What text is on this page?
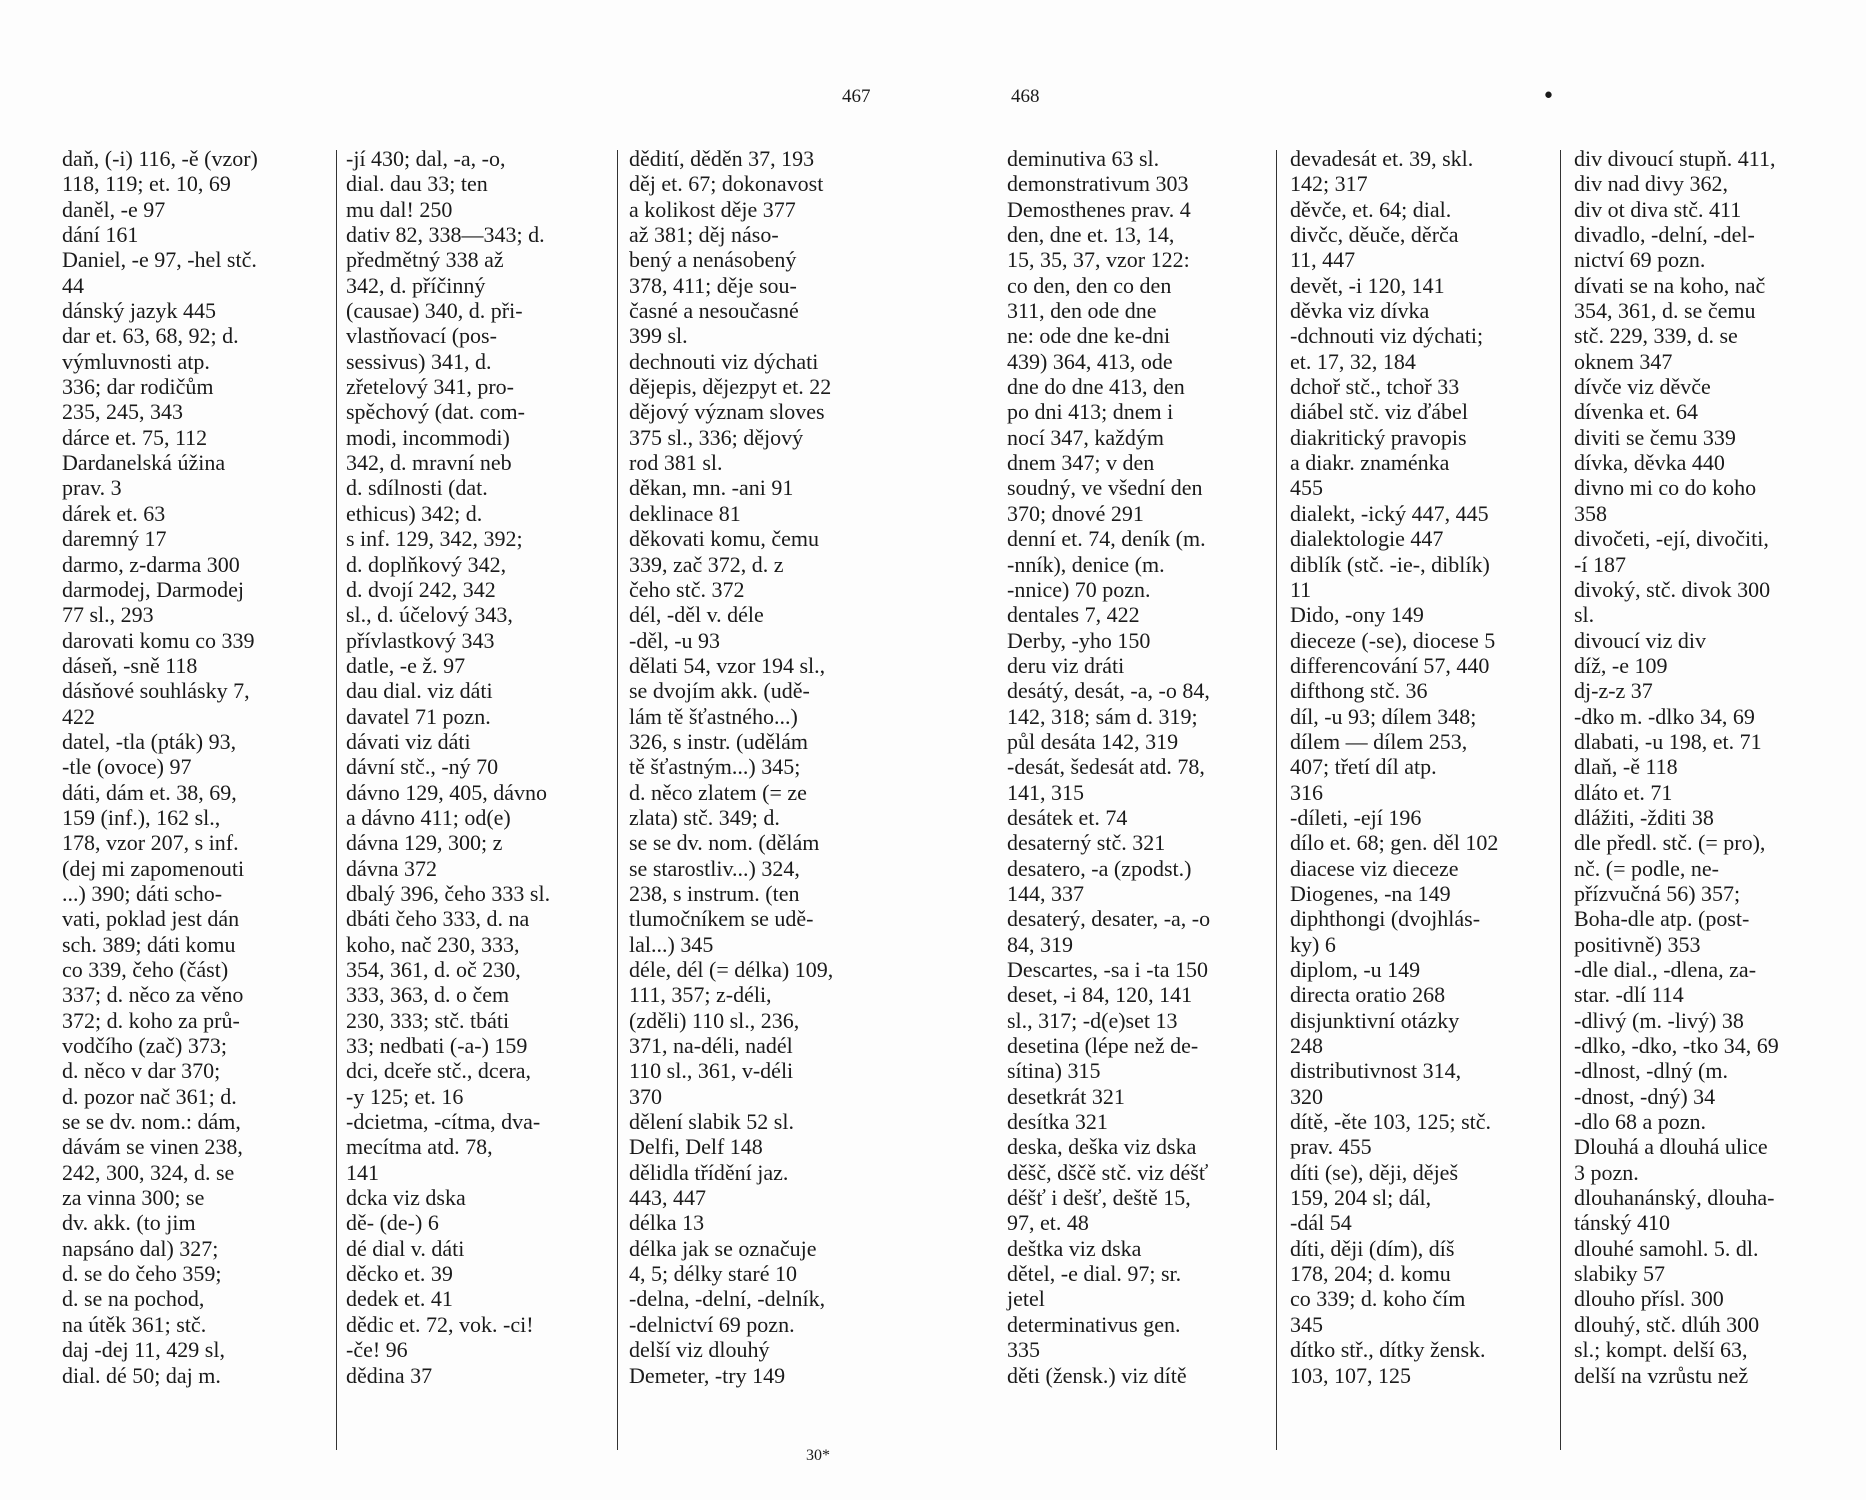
467	468	•
daň, (-i) 116, -ě (vzor)
118, 119; et. 10, 69
daněl, -e 97
dání 161
Daniel, -e 97, -hel stč.
44
dánský jazyk 445
dar et. 63, 68, 92; d.
výmluvnosti atp.
336; dar rodičům
235, 245, 343
dárce et. 75, 112
Dardanelská úžina
prav. 3
dárek et. 63
daremný 17
darmo, z-darma 300
darmodej, Darmodej
77 sl., 293
darovati komu co 339
dáseň, -sně 118
dásňové souhlásky 7,
422
datel, -tla (pták) 93,
-tle (ovoce) 97
dáti, dám et. 38, 69,
159 (inf.), 162 sl.,
178, vzor 207, s inf.
(dej mi zapomenouti
...) 390; dáti scho-
vati, poklad jest dán
sch. 389; dáti komu
co 339, čeho (část)
337; d. něco za věno
372; d. koho za prů-
vodčího (zač) 373;
d. něco v dar 370;
d. pozor nač 361; d.
se se dv. nom.: dám,
dávám se vinen 238,
242, 300, 324, d. se
za vinna 300; se
dv. akk. (to jim
napsáno dal) 327;
d. se do čeho 359;
d. se na pochod,
na útěk 361; stč.
daj -dej 11, 429 sl,
dial. dé 50; daj m.
-jí 430; dal, -a, -o,
dial. dau 33; ten
mu dal! 250
dativ 82, 338—343; d.
předmětný 338 až
342, d. příčinný
(causae) 340, d. při-
vlastňovací (pos-
sessivus) 341, d.
zřetelový 341, pro-
spěchový (dat. com-
modi, incommodi)
342, d. mravní neb
d. sdílnosti (dat.
ethicus) 342; d.
s inf. 129, 342, 392;
d. doplňkový 342,
d. dvojí 242, 342
sl., d. účelový 343,
přívlastkový 343
datle, -e ž. 97
dau dial. viz dáti
davatel 71 pozn.
dávati viz dáti
dávní stč., -ný 70
dávno 129, 405, dávno
a dávno 411; od(e)
dávna 129, 300; z
dávna 372
dbalý 396, čeho 333 sl.
dbáti čeho 333, d. na
koho, nač 230, 333,
354, 361, d. oč 230,
333, 363, d. o čem
230, 333; stč. tbáti
33; nedbati (-a-) 159
dci, dceře stč., dcera,
-y 125; et. 16
-dcietma, -cítma, dva-
mecítma atd. 78,
141
dcka viz dska
dě- (de-) 6
dé dial v. dáti
děcko et. 39
dedek et. 41
dědic et. 72, vok. -ci!
-če! 96
dědina 37
dědití, děděn 37, 193
děj et. 67; dokonavost
a kolikost děje 377
až 381; děj náso-
bený a nenásobený
378, 411; děje sou-
časné a nesoučasné
399 sl.
dechnouti viz dýchati
dějepis, dějezpyt et. 22
dějový význam sloves
375 sl., 336; dějový
rod 381 sl.
děkan, mn. -ani 91
deklinace 81
děkovati komu, čemu
339, zač 372, d. z
čeho stč. 372
dél, -děl v. déle
-děl, -u 93
dělati 54, vzor 194 sl.,
se dvojím akk. (udě-
lám tě šťastného...)
326, s instr. (udělám
tě šťastným...) 345;
d. něco zlatem (= ze
zlata) stč. 349; d.
se se dv. nom. (dělám
se starostliv...) 324,
238, s instrum. (ten
tlumočníkem se udě-
lal...) 345
déle, dél (= délka) 109,
111, 357; z-déli,
(zděli) 110 sl., 236,
371, na-déli, nadél
110 sl., 361, v-déli
370
dělení slabik 52 sl.
Delfi, Delf 148
dělidla třídění jaz.
443, 447
délka 13
délka jak se označuje
4, 5; délky staré 10
-delna, -delní, -delník,
-delnictví 69 pozn.
delší viz dlouhý
Demeter, -try 149
deminutiva 63 sl.
demonstrativum 303
Demosthenes prav. 4
den, dne et. 13, 14,
15, 35, 37, vzor 122:
co den, den co den
311, den ode dne
ne: ode dne ke-dni
439) 364, 413, ode
dne do dne 413, den
po dni 413; dnem i
nocí 347, každým
dnem 347; v den
soudný, ve všední den
370; dnové 291
denní et. 74, deník (m.
-nník), denice (m.
-nnice) 70 pozn.
dentales 7, 422
Derby, -yho 150
deru viz dráti
desátý, desát, -a, -o 84,
142, 318; sám d. 319;
půl desáta 142, 319
-desát, šedesát atd. 78,
141, 315
desátek et. 74
desaterný stč. 321
desatero, -a (zpodst.)
144, 337
desaterý, desater, -a, -o
84, 319
Descartes, -sa i -ta 150
deset, -i 84, 120, 141
sl., 317; -d(e)set 13
desetina (lépe než de-
sítina) 315
desetkrát 321
desítka 321
deska, deška viz dska
děšč, dščě stč. viz déšť
déšť i dešť, deště 15,
97, et. 48
deštka viz dska
dětel, -e dial. 97; sr.
jetel
determinativus gen.
335
děti (žensk.) viz dítě
devadesát et. 39, skl.
142; 317
děvče, et. 64; dial.
divčc, děuče, děrča
11, 447
devět, -i 120, 141
děvka viz dívka
-dchnouti viz dýchati;
et. 17, 32, 184
dchoř stč., tchoř 33
diábel stč. viz ďábel
diakritický pravopis
a diakr. znaménka
455
dialekt, -ický 447, 445
dialektologie 447
diblík (stč. -ie-, diblík)
11
Dido, -ony 149
dieceze (-se), diocese 5
differencování 57, 440
difthong stč. 36
díl, -u 93; dílem 348;
dílem — dílem 253,
407; třetí díl atp.
316
-díleti, -ejí 196
dílo et. 68; gen. děl 102
diacese viz dieceze
Diogenes, -na 149
diphthongi (dvojhlás-
ky) 6
diplom, -u 149
directa oratio 268
disjunktivní otázky
248
distributivnost 314,
320
dítě, -ěte 103, 125; stč.
prav. 455
díti (se), ději, děješ
159, 204 sl; dál,
-dál 54
díti, ději (dím), díš
178, 204; d. komu
co 339; d. koho čím
345
dítko stř., dítky žensk.
103, 107, 125
div divoucí stupň. 411,
div nad divy 362,
div ot diva stč. 411
divadlo, -delní, -del-
nictví 69 pozn.
dívati se na koho, nač
354, 361, d. se čemu
stč. 229, 339, d. se
oknem 347
dívče viz děvče
dívenka et. 64
diviti se čemu 339
dívka, děvka 440
divno mi co do koho
358
divočeti, -ejí, divočiti,
-í 187
divoký, stč. divok 300
sl.
divoucí viz div
díž, -e 109
dj-z-z 37
-dko m. -dlko 34, 69
dlabati, -u 198, et. 71
dlaň, -ě 118
dláto et. 71
dlážiti, -žditi 38
dle předl. stč. (= pro),
nč. (= podle, ne-
přízvučná 56) 357;
Boha-dle atp. (post-
positivně) 353
-dle dial., -dlena, za-
star. -dlí 114
-dlivý (m. -livý) 38
-dlko, -dko, -tko 34, 69
-dlnost, -dlný (m.
-dnost, -dný) 34
-dlo 68 a pozn.
Dlouhá a dlouhá ulice
3 pozn.
dlouhanánský, dlouha-
tánský 410
dlouhé samohl. 5. dl.
slabiky 57
dlouho přísl. 300
dlouhý, stč. dlúh 300
sl.; kompt. delší 63,
delší na vzrůstu než
30*
